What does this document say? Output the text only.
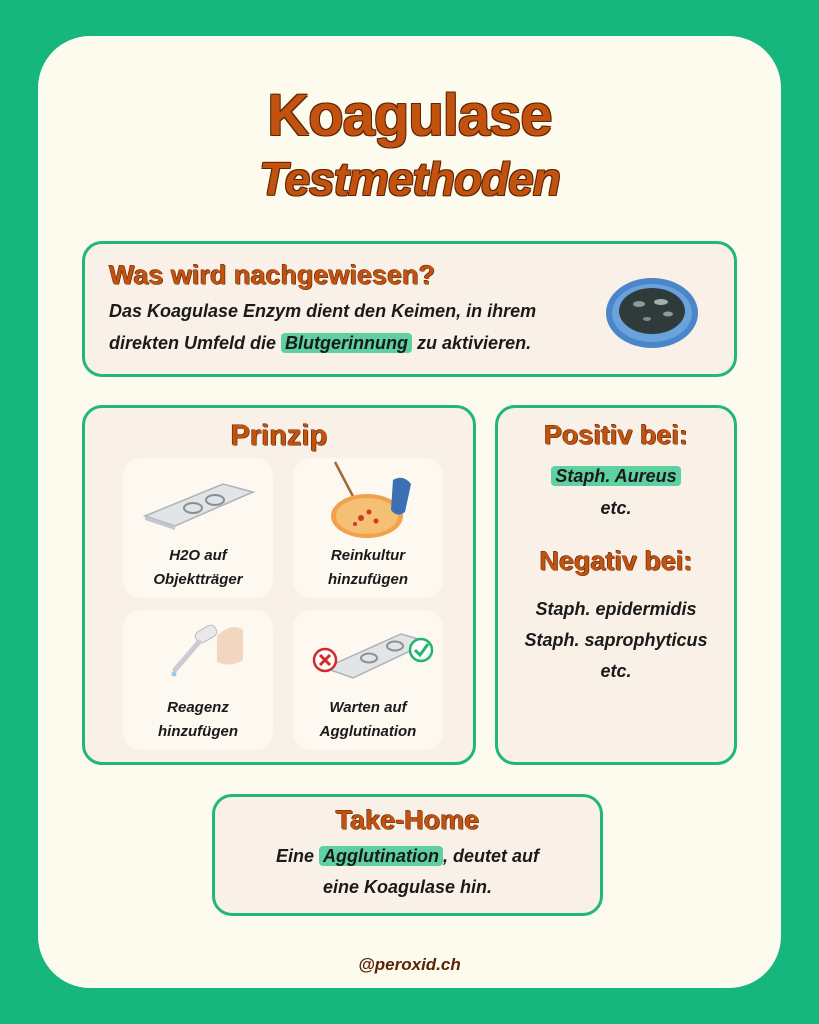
Koagulase
Testmethoden
Was wird nachgewiesen?
Das Koagulase Enzym dient den Keimen, in ihrem
direkten Umfeld die Blutgerinnung zu aktivieren.
Prinzip
H2O auf
Objektträger
Reinkultur
hinzufügen
Reagenz
hinzufügen
Warten auf
Agglutination
Positiv bei:
Staph. Aureus
etc.
Negativ bei:
Staph. epidermidis
Staph. saprophyticus
etc.
Take-Home
Eine Agglutination , deutet auf
eine Koagulase hin.
@peroxid.ch
